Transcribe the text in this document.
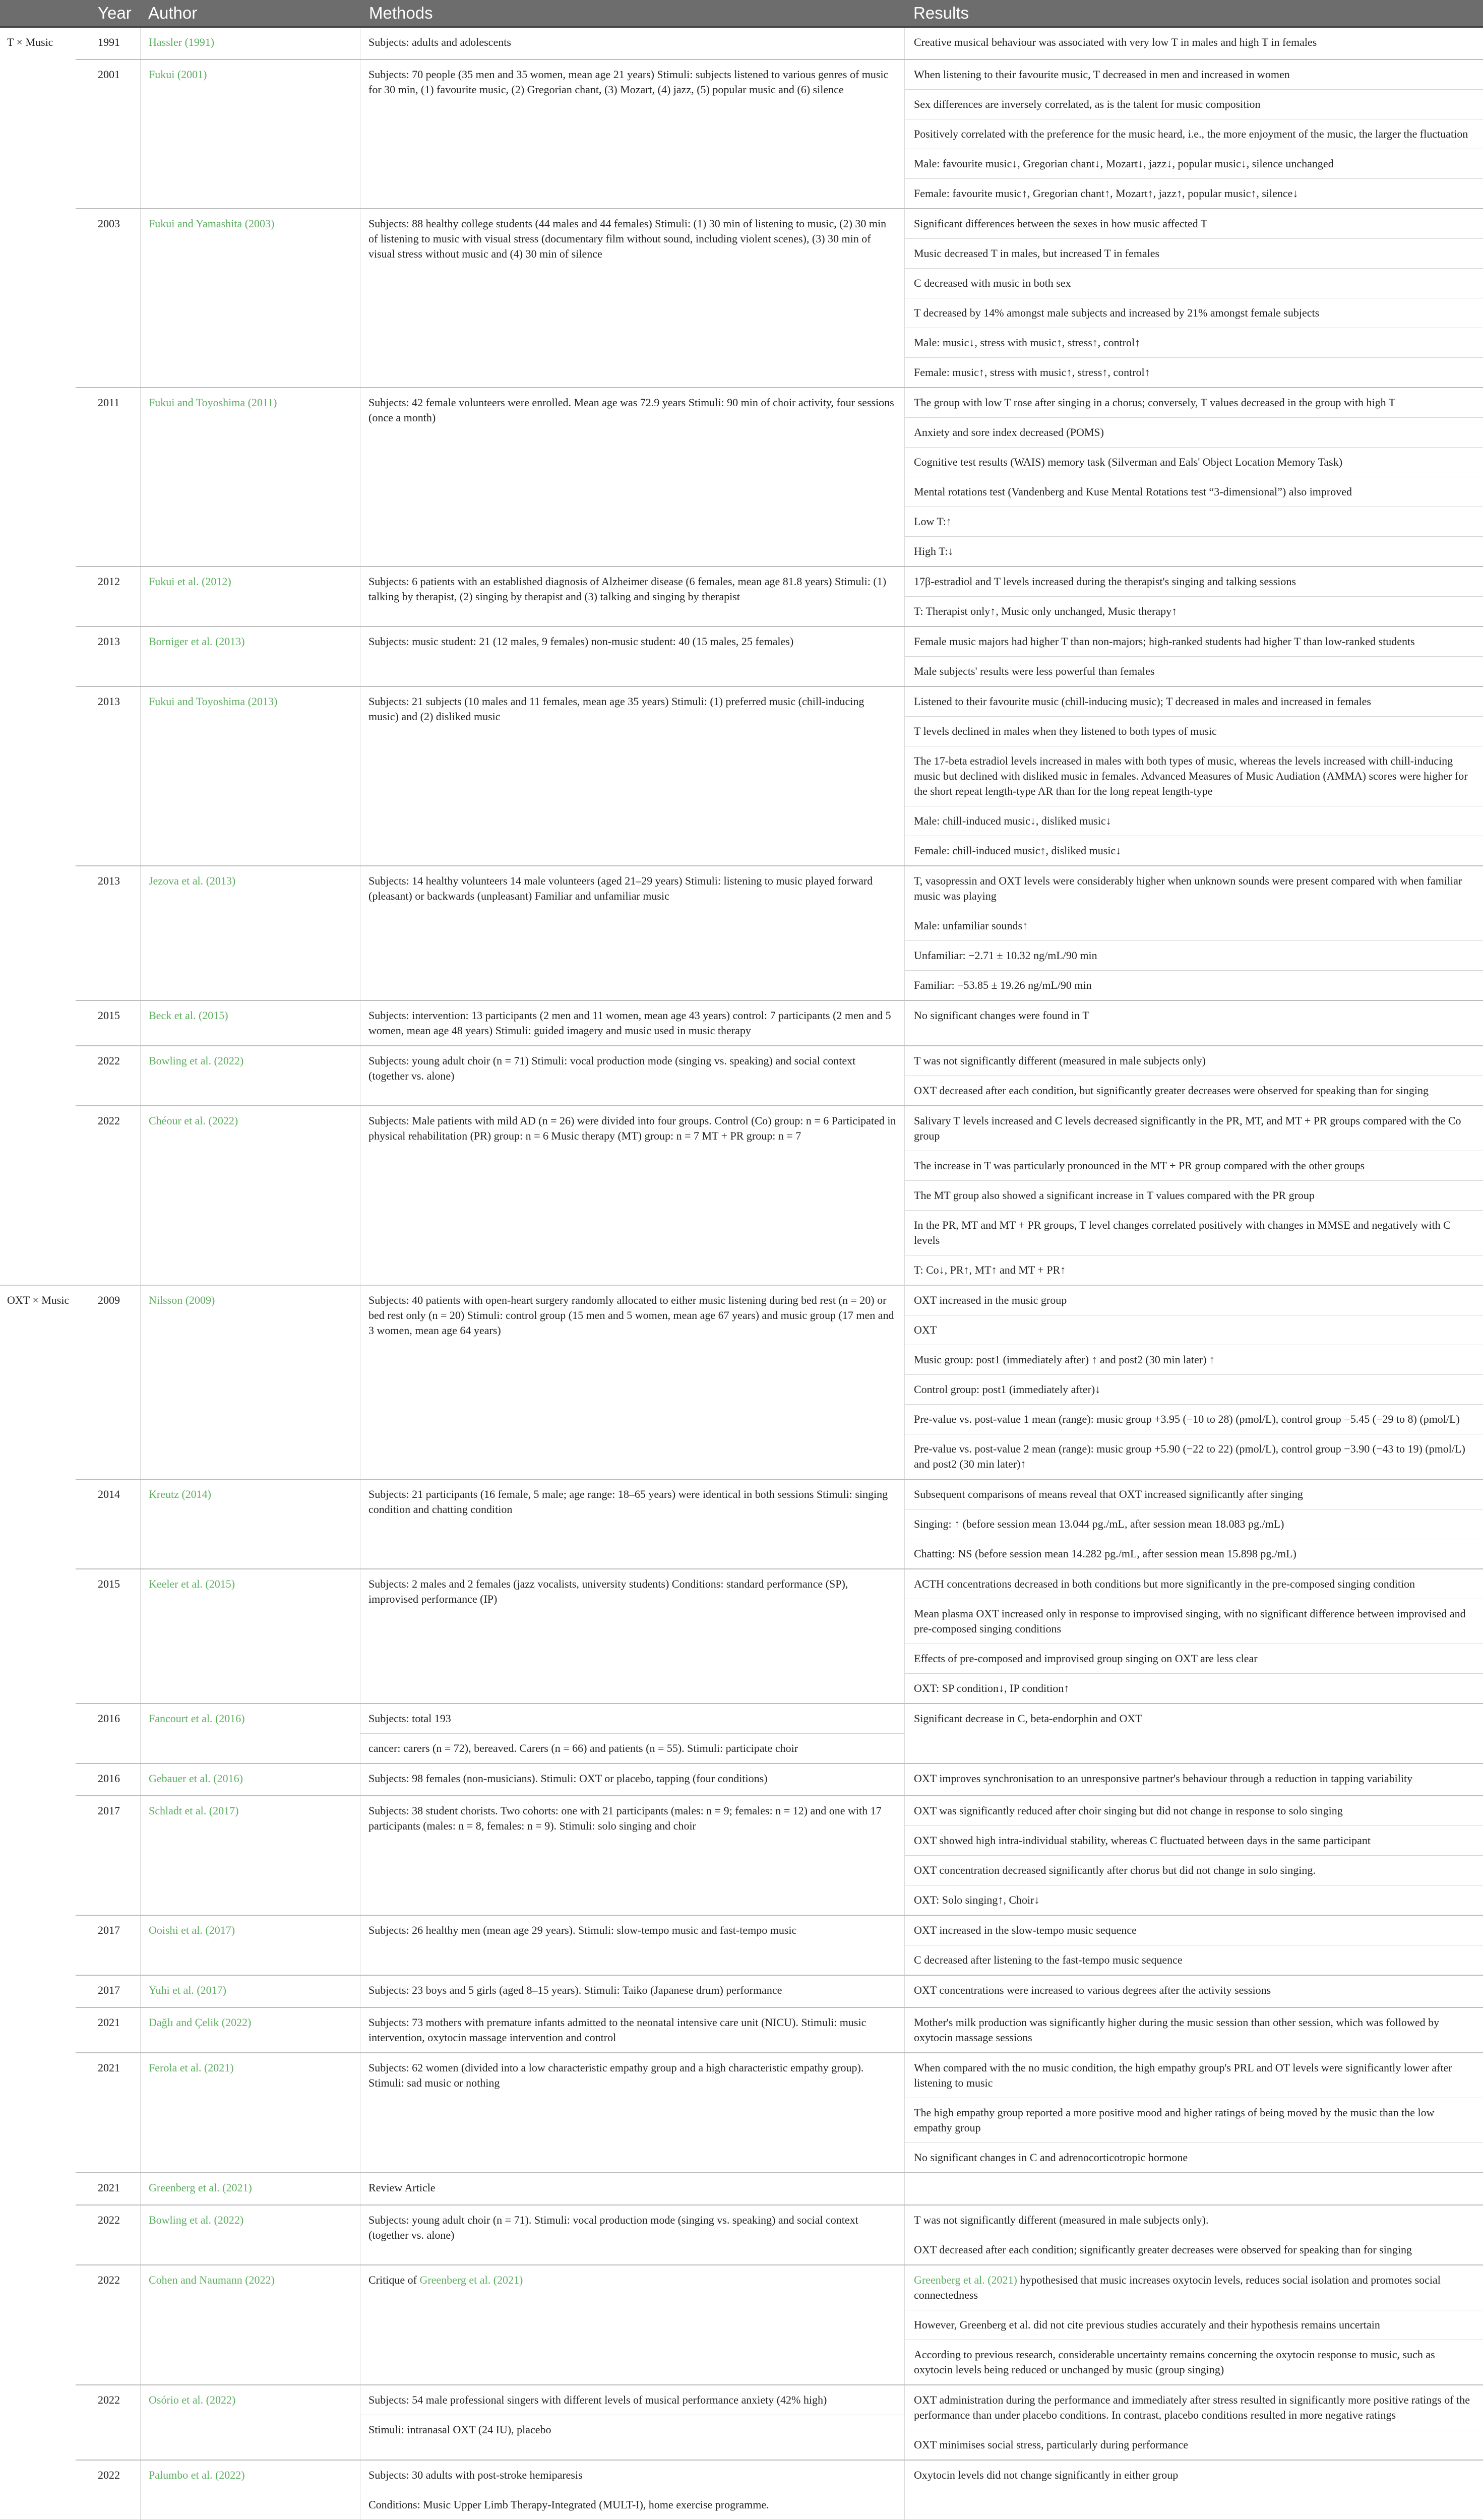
Year Author	Methods	Results
T × Music	1991	Hassler (1991)	Subjects: adults and adolescents	Creative musical behaviour was associated with very low T in males and high T in females
2001	Fukui (2001)	Subjects: 70 people (35 men and 35 women, mean age 21 years) Stimuli: subjects listened to various genres of music for 30 min, (1) favourite music, (2) Gregorian chant, (3) Mozart, (4) jazz, (5) popular music and (6) silence
When listening to their favourite music, T decreased in men and increased in women
Sex differences are inversely correlated, as is the talent for music composition
Positively correlated with the preference for the music heard, i.e., the more enjoyment of the music, the larger the fluctuation
Male: favourite music↓, Gregorian chant↓, Mozart↓, jazz↓, popular music↓, silence unchanged
Female: favourite music↑, Gregorian chant↑, Mozart↑, jazz↑, popular music↑, silence↓
2003	Fukui and Yamashita (2003)	Subjects: 88 healthy college students (44 males and 44 females) Stimuli: (1) 30 min of listening to music, (2) 30 min of listening to music with visual stress (documentary film without sound, including violent scenes), (3) 30 min of visual stress without music and (4) 30 min of silence
Significant differences between the sexes in how music affected T
Music decreased T in males, but increased T in females
C decreased with music in both sex
T decreased by 14% amongst male subjects and increased by 21% amongst female subjects
Male: music↓, stress with music↑, stress↑, control↑
Female: music↑, stress with music↑, stress↑, control↑
2011	Fukui and Toyoshima (2011)	Subjects: 42 female volunteers were enrolled. Mean age was 72.9 years Stimuli: 90 min of choir activity, four sessions (once a month)
The group with low T rose after singing in a chorus; conversely, T values decreased in the group with high T
Anxiety and sore index decreased (POMS)
Cognitive test results (WAIS) memory task (Silverman and Eals' Object Location Memory Task)
Mental rotations test (Vandenberg and Kuse Mental Rotations test “3-dimensional”) also improved
Low T:↑
High T:↓
2012	Fukui et al. (2012)	Subjects: 6 patients with an established diagnosis of Alzheimer disease (6 females, mean age 81.8 years) Stimuli: (1) talking by therapist, (2) singing by therapist and (3) talking and singing by therapist
17β-estradiol and T levels increased during the therapist's singing and talking sessions
T: Therapist only↑, Music only unchanged, Music therapy↑
2013	Borniger et al. (2013)	Subjects: music student: 21 (12 males, 9 females) non-music student: 40 (15 males, 25 females)	Female music majors had higher T than non-majors; high-ranked students had higher T than low-ranked students
Male subjects' results were less powerful than females
2013	Fukui and Toyoshima (2013)	Subjects: 21 subjects (10 males and 11 females, mean age 35 years) Stimuli: (1) preferred music (chill-inducing music) and (2) disliked music
Listened to their favourite music (chill-inducing music); T decreased in males and increased in females
T levels declined in males when they listened to both types of music
The 17-beta estradiol levels increased in males with both types of music, whereas the levels increased with chill-inducing music but declined with disliked music in females. Advanced Measures of Music Audiation (AMMA) scores were higher for the short repeat length-type AR than for the long repeat length-type
Male: chill-induced music↓, disliked music↓
Female: chill-induced music↑, disliked music↓
2013	Jezova et al. (2013)	Subjects: 14 healthy volunteers 14 male volunteers (aged 21–29 years) Stimuli: listening to music played forward (pleasant) or backwards (unpleasant) Familiar and unfamiliar music
T, vasopressin and OXT levels were considerably higher when unknown sounds were present compared with when familiar music was playing
Male: unfamiliar sounds↑
Unfamiliar: −2.71 ± 10.32 ng/mL/90 min
Familiar: −53.85 ± 19.26 ng/mL/90 min
2015	Beck et al. (2015)	Subjects: intervention: 13 participants (2 men and 11 women, mean age 43 years) control: 7 participants (2 men and 5 women, mean age 48 years) Stimuli: guided imagery and music used in music therapy
No significant changes were found in T
2022	Bowling et al. (2022)	Subjects: young adult choir (n = 71) Stimuli: vocal production mode (singing vs. speaking) and social context (together vs. alone)
T was not significantly different (measured in male subjects only)
OXT decreased after each condition, but significantly greater decreases were observed for speaking than for singing
2022	Chéour et al. (2022)	Subjects: Male patients with mild AD (n = 26) were divided into four groups. Control (Co) group: n = 6 Participated in physical rehabilitation (PR) group: n = 6 Music therapy (MT) group: n = 7 MT + PR group: n = 7
Salivary T levels increased and C levels decreased significantly in the PR, MT, and MT + PR groups compared with the Co group
The increase in T was particularly pronounced in the MT + PR group compared with the other groups
The MT group also showed a significant increase in T values compared with the PR group
In the PR, MT and MT + PR groups, T level changes correlated positively with changes in MMSE and negatively with C levels
T: Co↓, PR↑, MT↑ and MT + PR↑
OXT × Music	2009	Nilsson (2009)	Subjects: 40 patients with open-heart surgery randomly allocated to either music listening during bed rest (n = 20) or bed rest only (n = 20) Stimuli: control group (15 men and 5 women, mean age 67 years) and music group (17 men and 3 women, mean age 64 years)
OXT increased in the music group
OXT
Music group: post1 (immediately after) ↑ and post2 (30 min later) ↑
Control group: post1 (immediately after)↓
Pre-value vs. post-value 1 mean (range): music group +3.95 (−10 to 28) (pmol/L), control group −5.45 (−29 to 8) (pmol/L)
Pre-value vs. post-value 2 mean (range): music group +5.90 (−22 to 22) (pmol/L), control group −3.90 (−43 to 19) (pmol/L) and post2 (30 min later)↑
2014	Kreutz (2014)	Subjects: 21 participants (16 female, 5 male; age range: 18–65 years) were identical in both sessions Stimuli: singing condition and chatting condition
Subsequent comparisons of means reveal that OXT increased significantly after singing
Singing: ↑ (before session mean 13.044 pg./mL, after session mean 18.083 pg./mL)
Chatting: NS (before session mean 14.282 pg./mL, after session mean 15.898 pg./mL)
2015	Keeler et al. (2015)	Subjects: 2 males and 2 females (jazz vocalists, university students) Conditions: standard performance (SP), improvised performance (IP)
ACTH concentrations decreased in both conditions but more significantly in the pre-composed singing condition
Mean plasma OXT increased only in response to improvised singing, with no significant difference between improvised and pre-composed singing conditions
Effects of pre-composed and improvised group singing on OXT are less clear
OXT: SP condition↓, IP condition↑
2016	Fancourt et al. (2016)	Subjects: total 193
cancer: carers (n = 72), bereaved. Carers (n = 66) and patients (n = 55). Stimuli: participate choir
Significant decrease in C, beta-endorphin and OXT
2016	Gebauer et al. (2016)	Subjects: 98 females (non-musicians). Stimuli: OXT or placebo, tapping (four conditions)	OXT improves synchronisation to an unresponsive partner's behaviour through a reduction in tapping variability
2017	Schladt et al. (2017)	Subjects: 38 student chorists. Two cohorts: one with 21 participants (males: n = 9; females: n = 12) and one with 17 participants (males: n = 8, females: n = 9). Stimuli: solo singing and choir
OXT was significantly reduced after choir singing but did not change in response to solo singing
OXT showed high intra-individual stability, whereas C fluctuated between days in the same participant
OXT concentration decreased significantly after chorus but did not change in solo singing.
OXT: Solo singing↑, Choir↓
2017	Ooishi et al. (2017)	Subjects: 26 healthy men (mean age 29 years). Stimuli: slow-tempo music and fast-tempo music	OXT increased in the slow-tempo music sequence
C decreased after listening to the fast-tempo music sequence
2017	Yuhi et al. (2017)	Subjects: 23 boys and 5 girls (aged 8–15 years). Stimuli: Taiko (Japanese drum) performance	OXT concentrations were increased to various degrees after the activity sessions
2021	Dağlı and Çelik (2022)	Subjects: 73 mothers with premature infants admitted to the neonatal intensive care unit (NICU). Stimuli: music intervention, oxytocin massage intervention and control
Mother's milk production was significantly higher during the music session than other session, which was followed by oxytocin massage sessions
2021	Ferola et al. (2021)	Subjects: 62 women (divided into a low characteristic empathy group and a high characteristic empathy group). Stimuli: sad music or nothing
When compared with the no music condition, the high empathy group's PRL and OT levels were significantly lower after listening to music
The high empathy group reported a more positive mood and higher ratings of being moved by the music than the low empathy group
No significant changes in C and adrenocorticotropic hormone
2021	Greenberg et al. (2021)	Review Article
2022	Bowling et al. (2022)	Subjects: young adult choir (n = 71). Stimuli: vocal production mode (singing vs. speaking) and social context (together vs. alone)
T was not significantly different (measured in male subjects only).
OXT decreased after each condition; significantly greater decreases were observed for speaking than for singing
2022	Cohen and Naumann (2022)	Critique of Greenberg et al. (2021)	Greenberg et al. (2021) hypothesised that music increases oxytocin levels, reduces social isolation and promotes social connectedness
However, Greenberg et al. did not cite previous studies accurately and their hypothesis remains uncertain
According to previous research, considerable uncertainty remains concerning the oxytocin response to music, such as oxytocin levels being reduced or unchanged by music (group singing)
2022	Osório et al. (2022)	Subjects: 54 male professional singers with different levels of musical performance anxiety (42% high)
Stimuli: intranasal OXT (24 IU), placebo
OXT administration during the performance and immediately after stress resulted in significantly more positive ratings of the performance than under placebo conditions. In contrast, placebo conditions resulted in more negative ratings
OXT minimises social stress, particularly during performance
2022	Palumbo et al. (2022)	Subjects: 30 adults with post-stroke hemiparesis
Conditions: Music Upper Limb Therapy-Integrated (MULT-I), home exercise programme.
Oxytocin levels did not change significantly in either group
